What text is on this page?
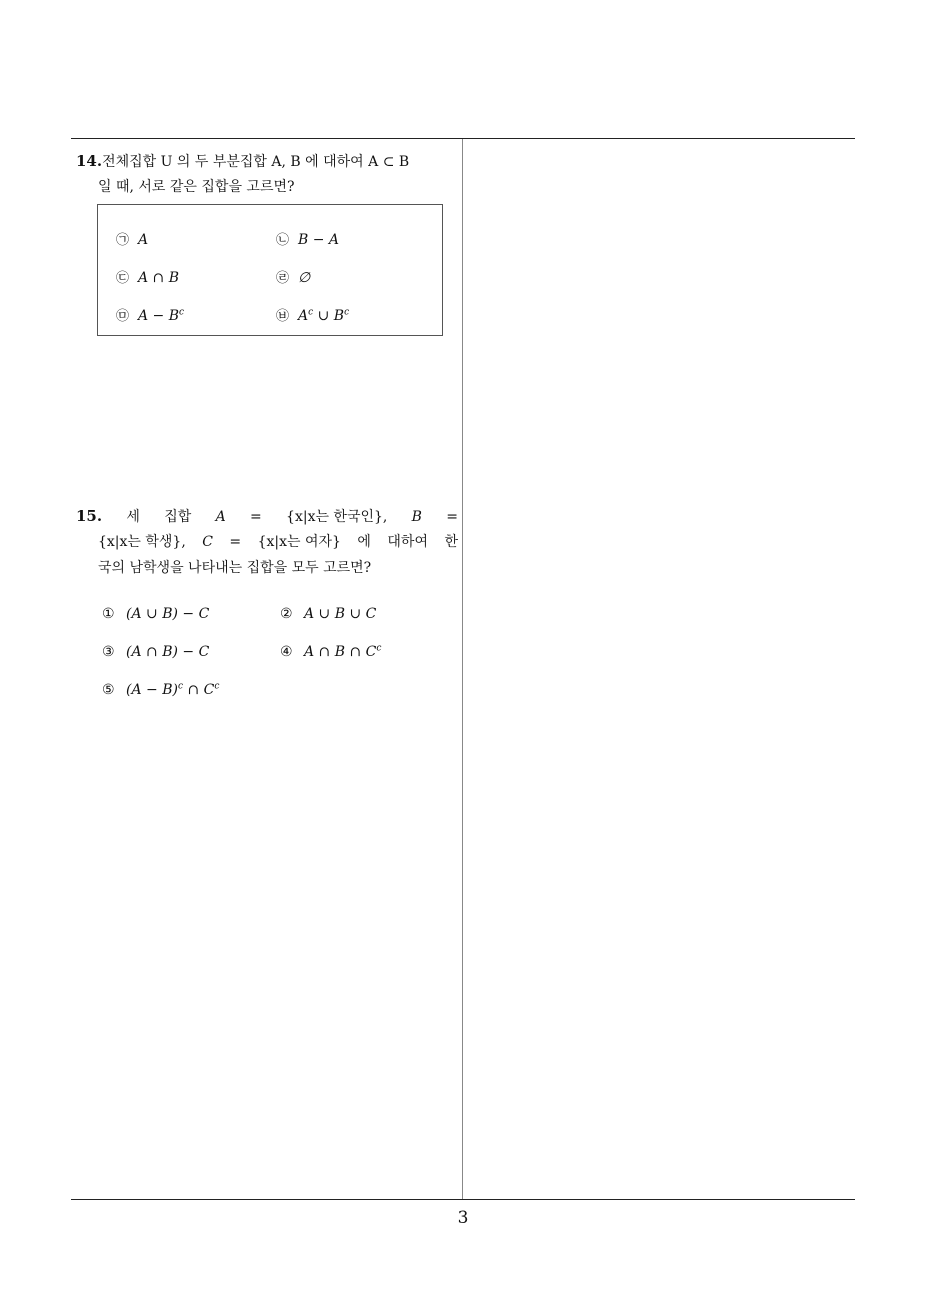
14.전체집합 U 의 두 부분집합 A, B 에 대하여 A ⊂ B
일 때, 서로 같은 집합을 고르면?
㉠ A	㉡ B − A
㉢ A ∩ B	㉣ ∅
㉤ $A - B^c$	㉥ $A^c$ ∪ $B^c$
15. 세 집합 A = {x|x는 한국인}, B =
{x|x는 학생}, C = {x|x는 여자} 에 대하여 한
국의 남학생을 나타내는 집합을 모두 고르면?
① (A ∪ B) − C	② A ∪ B ∪ C
③ (A ∩ B) − C	④ A ∩ B ∩ $C^c$
⑤ $(A - B)^c$ ∩ $C^c$
3
